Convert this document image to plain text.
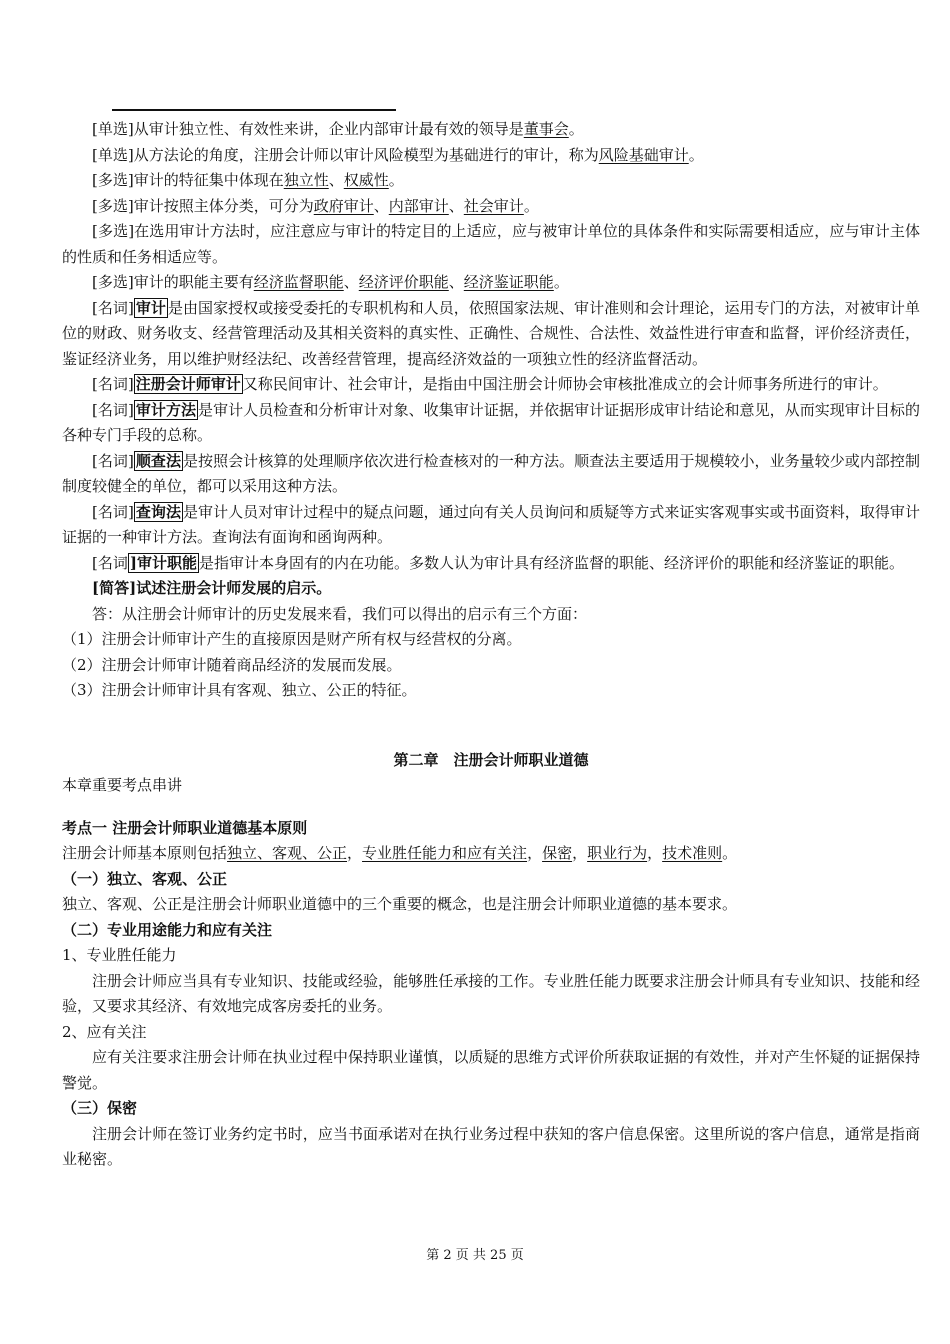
[单选]从审计独立性、有效性来讲，企业内部审计最有效的领导是董事会。

[单选]从方法论的角度，注册会计师以审计风险模型为基础进行的审计，称为风险基础审计。

[多选]审计的特征集中体现在独立性、权威性。

[多选]审计按照主体分类，可分为政府审计、内部审计、社会审计。

[多选]在选用审计方法时，应注意应与审计的特定目的上适应，应与被审计单位的具体条件和实际需要相适应，应与审计主体的性质和任务相适应等。

[多选]审计的职能主要有经济监督职能、经济评价职能、经济鉴证职能。

[名词] 审计 是由国家授权或接受委托的专职机构和人员，依照国家法规、审计准则和会计理论，运用专门的方法，对被审计单位的财政、财务收支、经营管理活动及其相关资料的真实性、正确性、合规性、合法性、效益性进行审查和监督，评价经济责任，鉴证经济业务，用以维护财经法纪、改善经营管理，提高经济效益的一项独立性的经济监督活动。

[名词] 注册会计师审计 又称民间审计、社会审计，是指由中国注册会计师协会审核批准成立的会计师事务所进行的审计。

[名词] 审计方法 是审计人员检查和分析审计对象、收集审计证据，并依据审计证据形成审计结论和意见，从而实现审计目标的各种专门手段的总称。

[名词] 顺查法 是按照会计核算的处理顺序依次进行检查核对的一种方法。顺查法主要适用于规模较小，业务量较少或内部控制制度较健全的单位，都可以采用这种方法。

[名词] 查询法 是审计人员对审计过程中的疑点问题，通过向有关人员询问和质疑等方式来证实客观事实或书面资料，取得审计证据的一种审计方法。查询法有面询和函询两种。

[名词 ]审计职能 是指审计本身固有的内在功能。多数人认为审计具有经济监督的职能、经济评价的职能和经济鉴证的职能。

[简答]试述注册会计师发展的启示。

答：从注册会计师审计的历史发展来看，我们可以得出的启示有三个方面：

（1）注册会计师审计产生的直接原因是财产所有权与经营权的分离。

（2）注册会计师审计随着商品经济的发展而发展。

（3）注册会计师审计具有客观、独立、公正的特征。

第二章　注册会计师职业道德

本章重要考点串讲

考点一 注册会计师职业道德基本原则

注册会计师基本原则包括独立、客观、公正，专业胜任能力和应有关注，保密，职业行为，技术准则。

（一）独立、客观、公正

独立、客观、公正是注册会计师职业道德中的三个重要的概念，也是注册会计师职业道德的基本要求。

（二）专业用途能力和应有关注

1、专业胜任能力

注册会计师应当具有专业知识、技能或经验，能够胜任承接的工作。专业胜任能力既要求注册会计师具有专业知识、技能和经验，又要求其经济、有效地完成客房委托的业务。

2、应有关注

应有关注要求注册会计师在执业过程中保持职业谨慎，以质疑的思维方式评价所获取证据的有效性，并对产生怀疑的证据保持警觉。

（三）保密

注册会计师在签订业务约定书时，应当书面承诺对在执行业务过程中获知的客户信息保密。这里所说的客户信息，通常是指商业秘密。

第 2 页 共 25 页
